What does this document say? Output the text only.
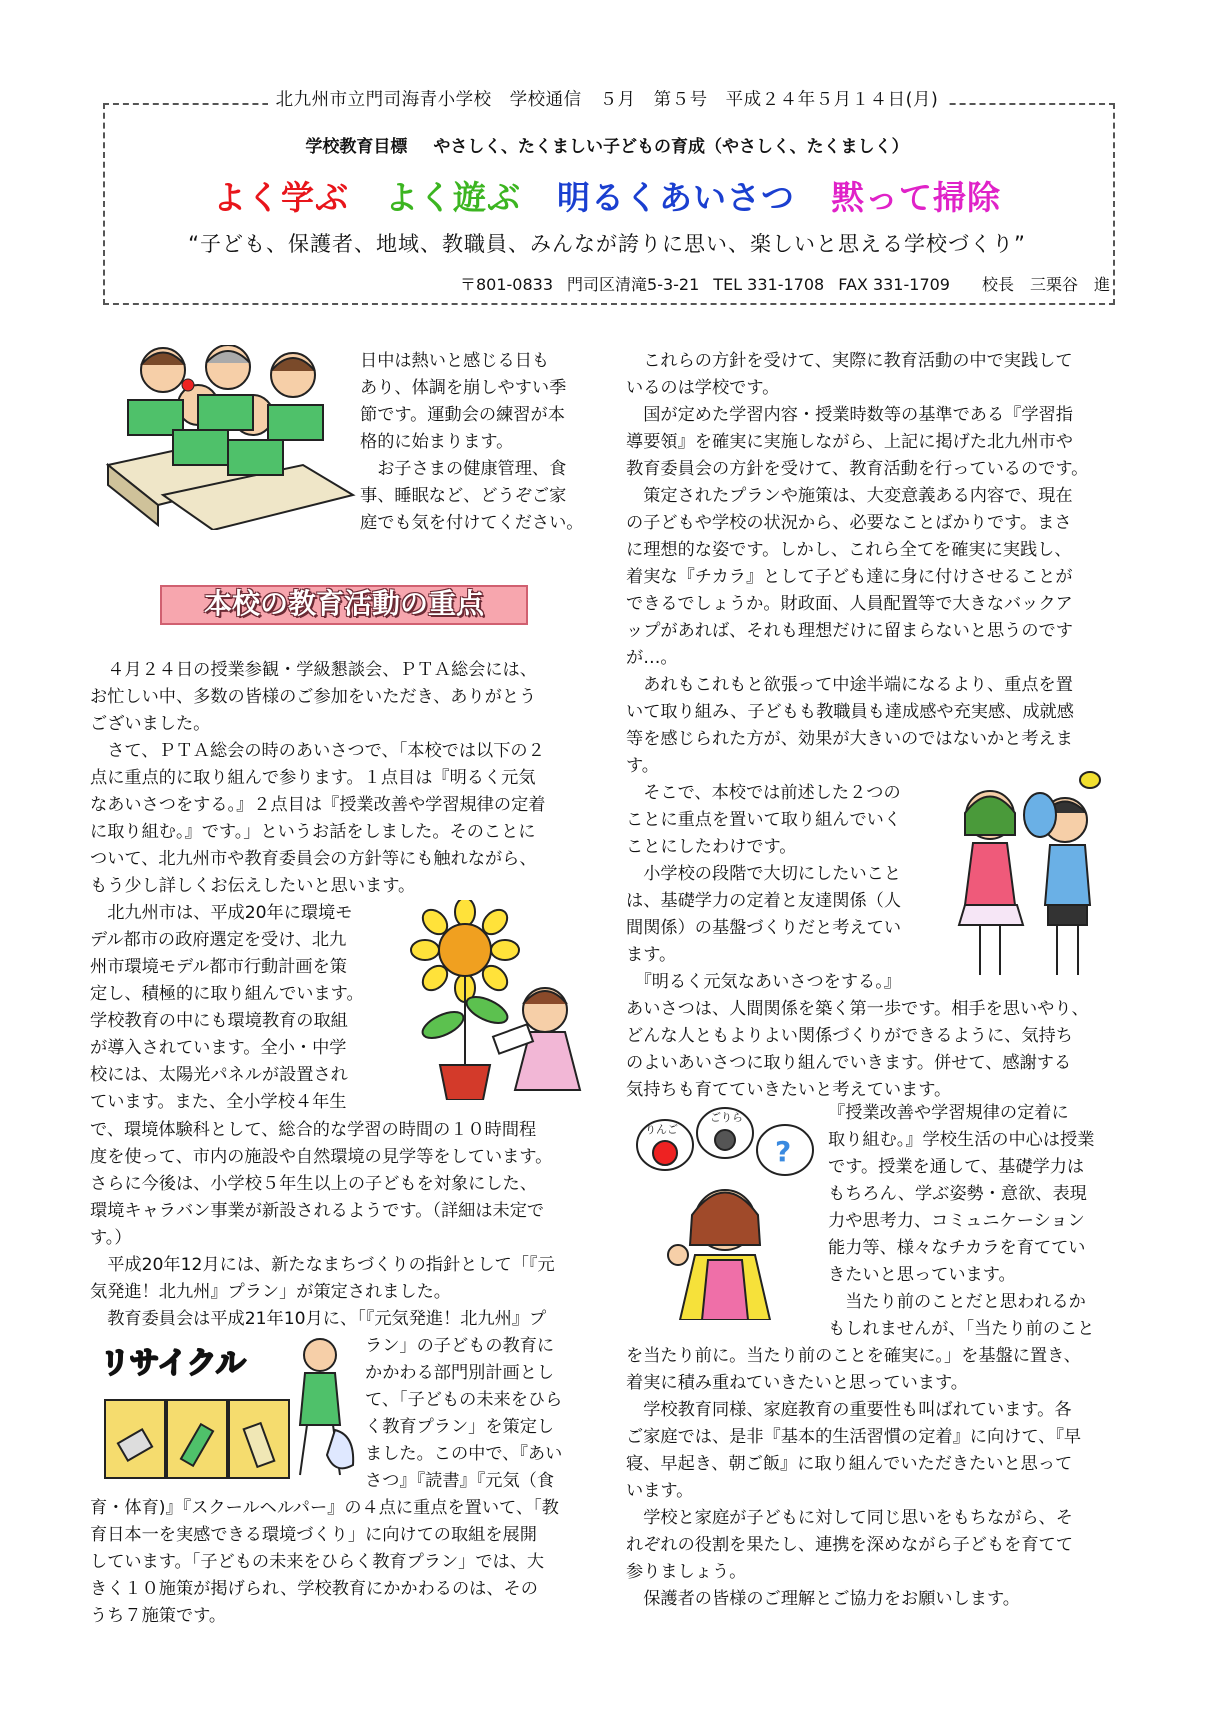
北九州市立門司海青小学校　学校通信　５月　第５号　平成２４年５月１４日(月)
学校教育目標 やさしく、たくましい子どもの育成（やさしく、たくましく）
よく学ぶ よく遊ぶ 明るくあいさつ 黙って掃除
“子ども、保護者、地域、教職員、みんなが誇りに思い、楽しいと思える学校づくり”
〒801-0833 門司区清滝5-3-21 TEL 331-1708 FAX 331-1709 校長　三栗谷　進

日中は熱いと感じる日も

あり、体調を崩しやすい季

節です。運動会の練習が本

格的に始まります。

　お子さまの健康管理、食

事、睡眠など、どうぞご家

庭でも気を付けてください。

本校の教育活動の重点

　４月２４日の授業参観・学級懇談会、ＰＴＡ総会には、

お忙しい中、多数の皆様のご参加をいただき、ありがとう

ございました。

　さて、ＰＴＡ総会の時のあいさつで、「本校では以下の２

点に重点的に取り組んで参ります。１点目は『明るく元気

なあいさつをする。』２点目は『授業改善や学習規律の定着

に取り組む。』です。」というお話をしました。そのことに

ついて、北九州市や教育委員会の方針等にも触れながら、

もう少し詳しくお伝えしたいと思います。

　北九州市は、平成20年に環境モ

デル都市の政府選定を受け、北九

州市環境モデル都市行動計画を策

定し、積極的に取り組んでいます。

学校教育の中にも環境教育の取組

が導入されています。全小・中学

校には、太陽光パネルが設置され

ています。また、全小学校４年生

で、環境体験科として、総合的な学習の時間の１０時間程

度を使って、市内の施設や自然環境の見学等をしています。

さらに今後は、小学校５年生以上の子どもを対象にした、

環境キャラバン事業が新設されるようです。（詳細は未定で

す。）

　平成20年12月には、新たなまちづくりの指針として「『元

気発進！北九州』プラン」が策定されました。

　教育委員会は平成21年10月に、「『元気発進！北九州』プ

リサイクル	ラン」の子どもの教育に

かかわる部門別計画とし

て、「子どもの未来をひら

く教育プラン」を策定し

ました。この中で、『あい

さつ』『読書』『元気（食

育・体育)』『スクールヘルパー』の４点に重点を置いて、「教

育日本一を実感できる環境づくり」に向けての取組を展開

しています。「子どもの未来をひらく教育プラン」では、大

きく１０施策が掲げられ、学校教育にかかわるのは、その

うち７施策です。

　これらの方針を受けて、実際に教育活動の中で実践して

いるのは学校です。

　国が定めた学習内容・授業時数等の基準である『学習指

導要領』を確実に実施しながら、上記に掲げた北九州市や

教育委員会の方針を受けて、教育活動を行っているのです。

　策定されたプランや施策は、大変意義ある内容で、現在

の子どもや学校の状況から、必要なことばかりです。まさ

に理想的な姿です。しかし、これら全てを確実に実践し、

着実な『チカラ』として子ども達に身に付けさせることが

できるでしょうか。財政面、人員配置等で大きなバックア

ップがあれば、それも理想だけに留まらないと思うのです

が…。

　あれもこれもと欲張って中途半端になるより、重点を置

いて取り組み、子どもも教職員も達成感や充実感、成就感

等を感じられた方が、効果が大きいのではないかと考えま

す。

　そこで、本校では前述した２つの

ことに重点を置いて取り組んでいく

ことにしたわけです。

　小学校の段階で大切にしたいこと

は、基礎学力の定着と友達関係（人

間関係）の基盤づくりだと考えてい

ます。

　『明るく元気なあいさつをする。』

あいさつは、人間関係を築く第一歩です。相手を思いやり、

どんな人ともよりよい関係づくりができるように、気持ち

のよいあいさつに取り組んでいきます。併せて、感謝する

気持ちも育てていきたいと考えています。

りんご
ごりら
?

『授業改善や学習規律の定着に

取り組む。』学校生活の中心は授業

です。授業を通して、基礎学力は

もちろん、学ぶ姿勢・意欲、表現

力や思考力、コミュニケーション

能力等、様々なチカラを育ててい

きたいと思っています。

　当たり前のことだと思われるか

もしれませんが、「当たり前のこと

を当たり前に。当たり前のことを確実に。」を基盤に置き、

着実に積み重ねていきたいと思っています。

　学校教育同様、家庭教育の重要性も叫ばれています。各

ご家庭では、是非『基本的生活習慣の定着』に向けて、『早

寝、早起き、朝ご飯』に取り組んでいただきたいと思って

います。

　学校と家庭が子どもに対して同じ思いをもちながら、そ

れぞれの役割を果たし、連携を深めながら子どもを育てて

参りましょう。

　保護者の皆様のご理解とご協力をお願いします。
